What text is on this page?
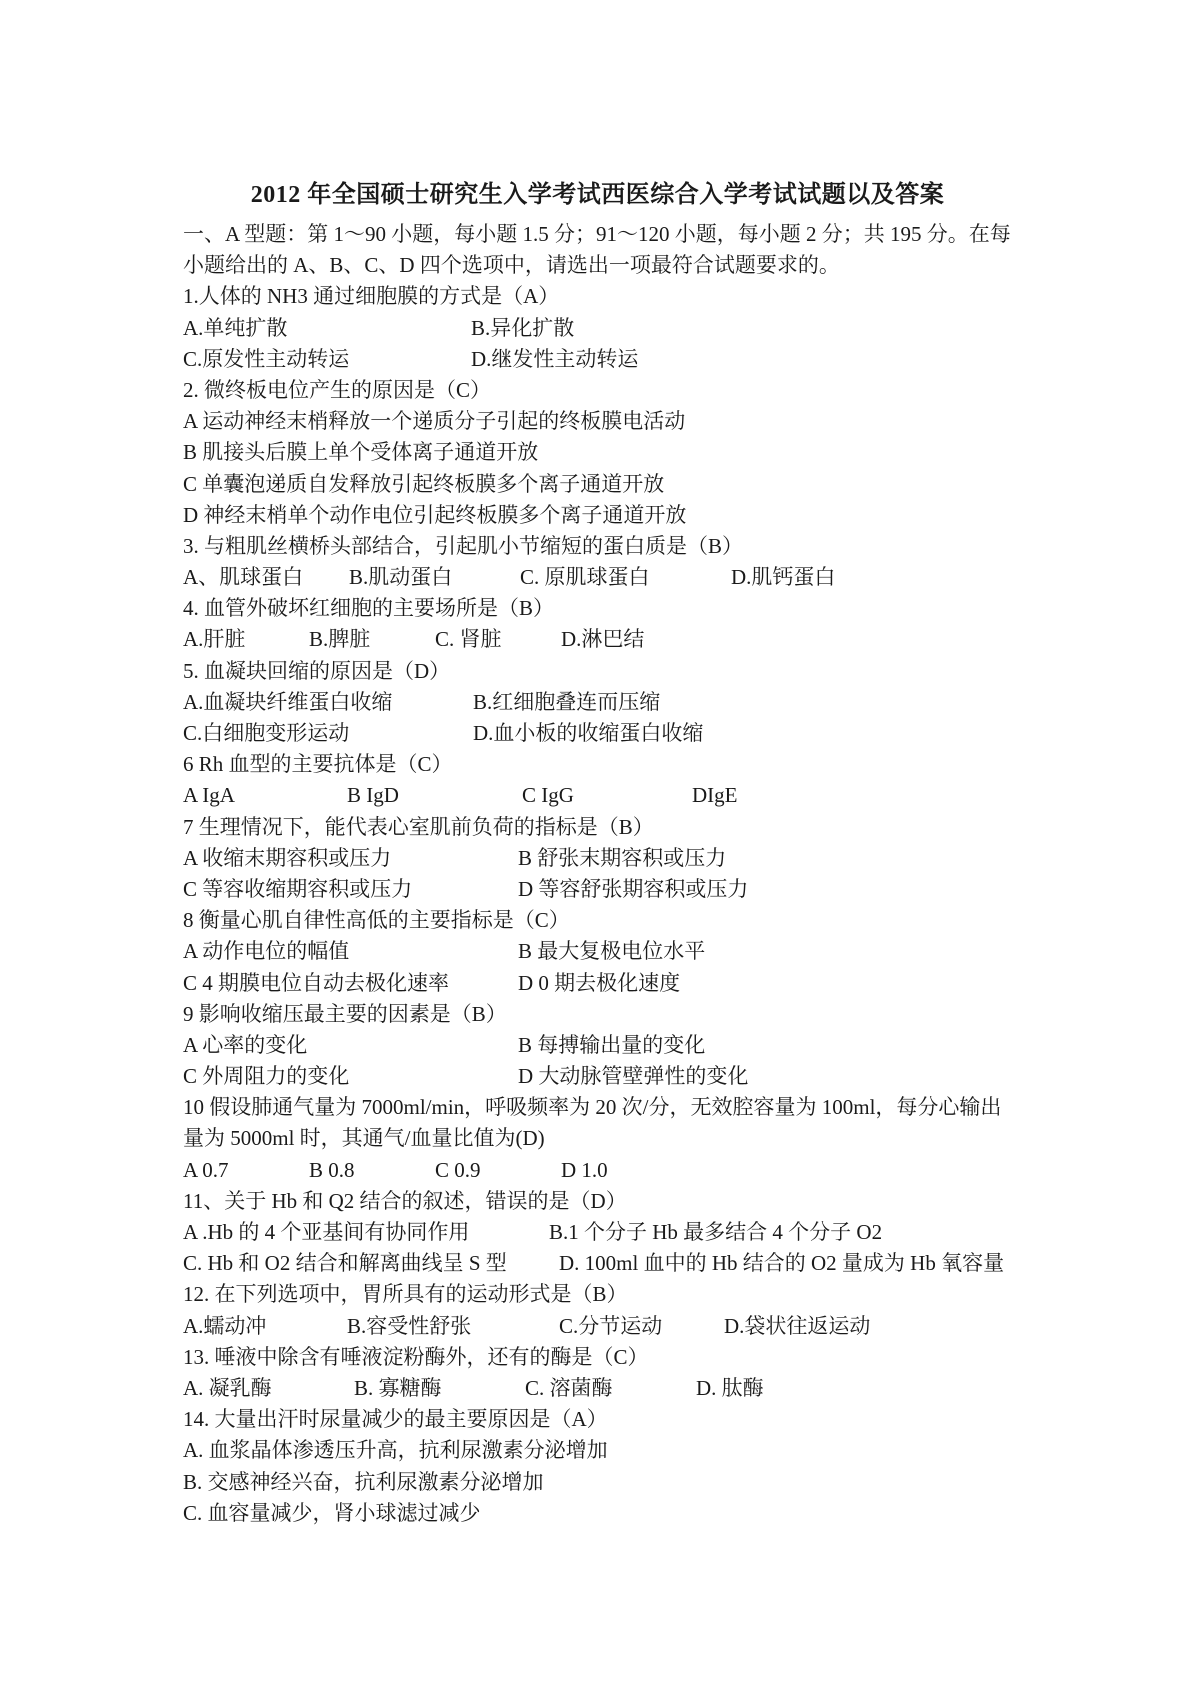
2012 年全国硕士研究生入学考试西医综合入学考试试题以及答案
一、A 型题：第 1～90 小题，每小题 1.5 分；91～120 小题，每小题 2 分；共 195 分。在每
小题给出的 A、B、C、D 四个选项中，请选出一项最符合试题要求的。
1.人体的 NH3 通过细胞膜的方式是（A）
A.单纯扩散	B.异化扩散
C.原发性主动转运	D.继发性主动转运
2. 微终板电位产生的原因是（C）
A 运动神经末梢释放一个递质分子引起的终板膜电活动
B 肌接头后膜上单个受体离子通道开放
C 单囊泡递质自发释放引起终板膜多个离子通道开放
D 神经末梢单个动作电位引起终板膜多个离子通道开放
3. 与粗肌丝横桥头部结合，引起肌小节缩短的蛋白质是（B）
A、肌球蛋白 B.肌动蛋白	C. 原肌球蛋白	D.肌钙蛋白
4. 血管外破坏红细胞的主要场所是（B）
A.肝脏	B.脾脏	C. 肾脏	D.淋巴结
5. 血凝块回缩的原因是（D）
A.血凝块纤维蛋白收缩	B.红细胞叠连而压缩
C.白细胞变形运动	D.血小板的收缩蛋白收缩
6 Rh 血型的主要抗体是（C）
A IgA	B IgD	C IgG	DIgE
7 生理情况下，能代表心室肌前负荷的指标是（B）
A 收缩末期容积或压力	B 舒张末期容积或压力
C 等容收缩期容积或压力	D 等容舒张期容积或压力
8 衡量心肌自律性高低的主要指标是（C）
A 动作电位的幅值	B 最大复极电位水平
C 4 期膜电位自动去极化速率	D 0 期去极化速度
9 影响收缩压最主要的因素是（B）
A 心率的变化	B 每搏输出量的变化
C 外周阻力的变化	D 大动脉管壁弹性的变化
10 假设肺通气量为 7000ml/min，呼吸频率为 20 次/分，无效腔容量为 100ml，每分心输出
量为 5000ml 时，其通气/血量比值为(D)
A 0.7	B 0.8	C 0.9	D 1.0
11、关于 Hb 和 Q2 结合的叙述，错误的是（D）
A .Hb 的 4 个亚基间有协同作用	B.1 个分子 Hb 最多结合 4 个分子 O2
C. Hb 和 O2 结合和解离曲线呈 S 型 D. 100ml 血中的 Hb 结合的 O2 量成为 Hb 氧容量
12. 在下列选项中，胃所具有的运动形式是（B）
A.蠕动冲	B.容受性舒张	C.分节运动	D.袋状往返运动
13. 唾液中除含有唾液淀粉酶外，还有的酶是（C）
A. 凝乳酶	B. 寡糖酶	C. 溶菌酶	D. 肽酶
14. 大量出汗时尿量减少的最主要原因是（A）
A. 血浆晶体渗透压升高，抗利尿激素分泌增加
B. 交感神经兴奋，抗利尿激素分泌增加
C. 血容量减少，肾小球滤过减少
